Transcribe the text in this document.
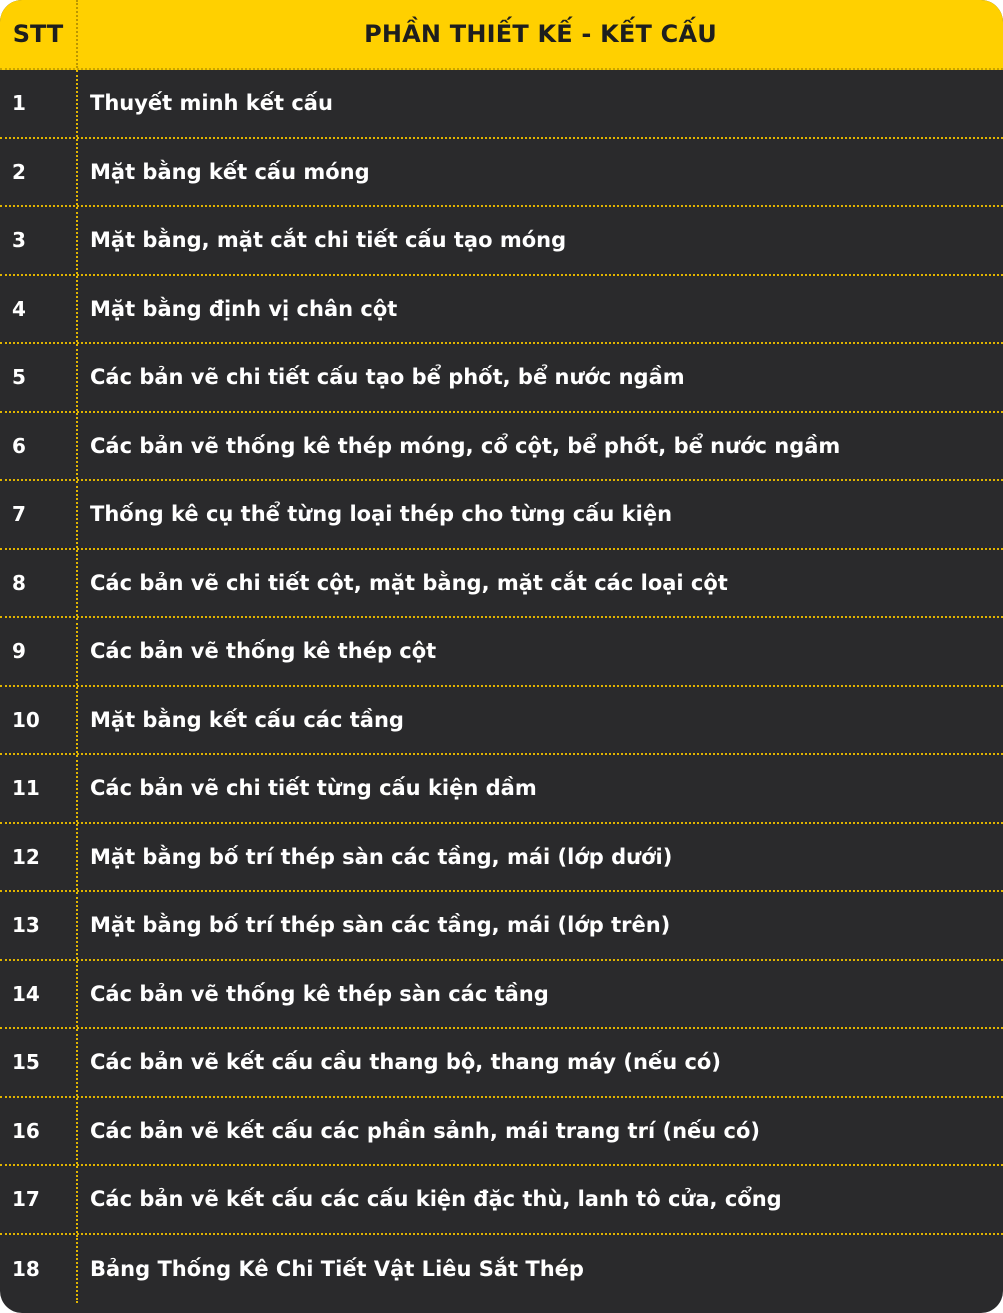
STT	PHẦN THIẾT KẾ - KẾT CẤU
1	Thuyết minh kết cấu
2	Mặt bằng kết cấu móng
3	Mặt bằng, mặt cắt chi tiết cấu tạo móng
4	Mặt bằng định vị chân cột
5	Các bản vẽ chi tiết cấu tạo bể phốt, bể nước ngầm
6	Các bản vẽ thống kê thép móng, cổ cột, bể phốt, bể nước ngầm
7	Thống kê cụ thể từng loại thép cho từng cấu kiện
8	Các bản vẽ chi tiết cột, mặt bằng, mặt cắt các loại cột
9	Các bản vẽ thống kê thép cột
10	Mặt bằng kết cấu các tầng
11	Các bản vẽ chi tiết từng cấu kiện dầm
12	Mặt bằng bố trí thép sàn các tầng, mái (lớp dưới)
13	Mặt bằng bố trí thép sàn các tầng, mái (lớp trên)
14	Các bản vẽ thống kê thép sàn các tầng
15	Các bản vẽ kết cấu cầu thang bộ, thang máy (nếu có)
16	Các bản vẽ kết cấu các phần sảnh, mái trang trí (nếu có)
17	Các bản vẽ kết cấu các cấu kiện đặc thù, lanh tô cửa, cổng
18	Bảng Thống Kê Chi Tiết Vật Liêu Sắt Thép
